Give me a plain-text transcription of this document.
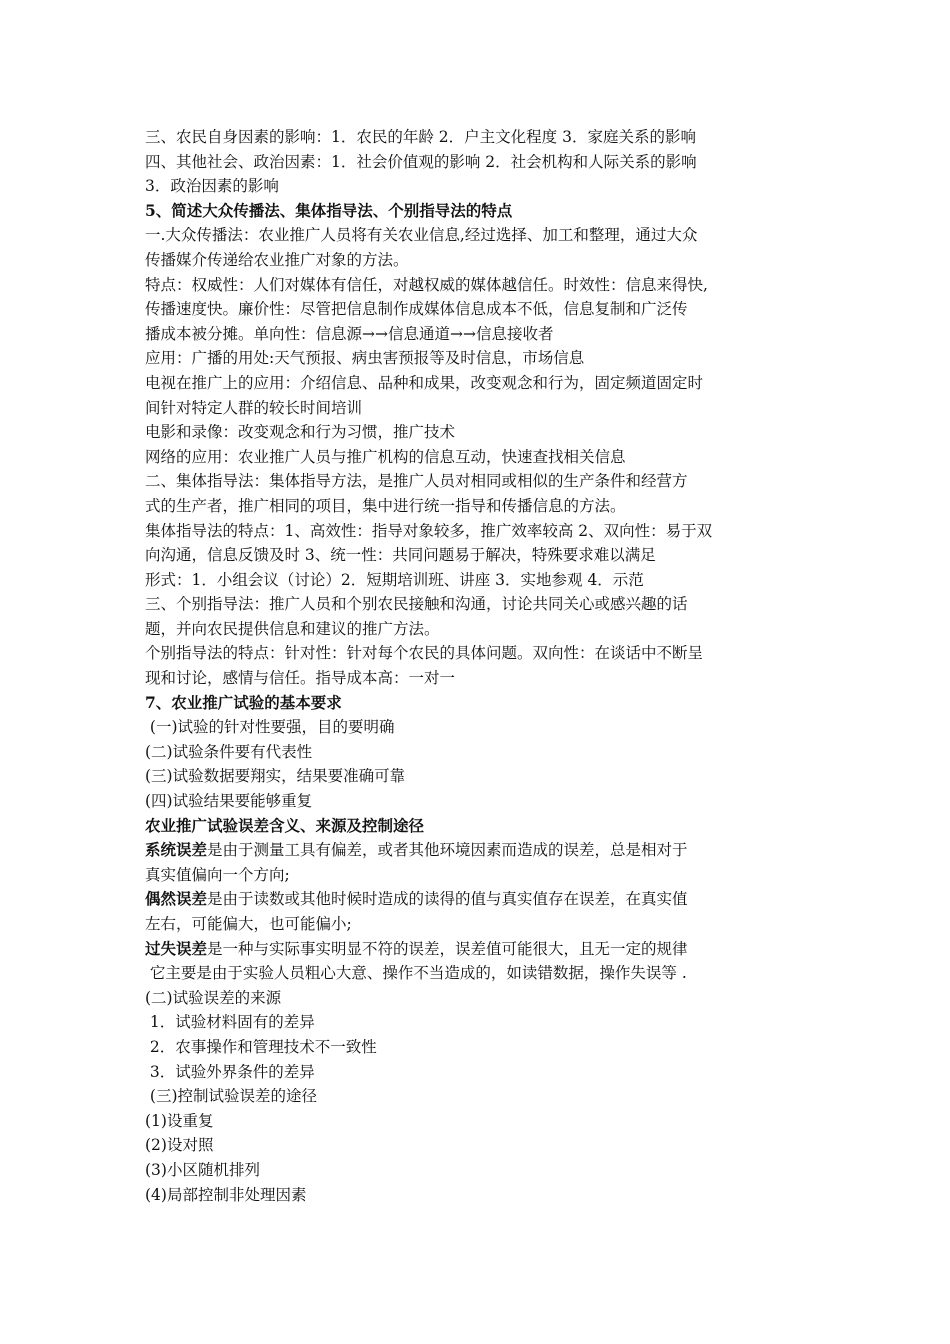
三、农民自身因素的影响：1．农民的年龄 2．户主文化程度 3．家庭关系的影响
四、其他社会、政治因素：1．社会价值观的影响 2．社会机构和人际关系的影响
3．政治因素的影响
5、简述大众传播法、集体指导法、个别指导法的特点
一.大众传播法：农业推广人员将有关农业信息,经过选择、加工和整理，通过大众
传播媒介传递给农业推广对象的方法。
特点：权威性：人们对媒体有信任，对越权威的媒体越信任。时效性：信息来得快,
传播速度快。廉价性：尽管把信息制作成媒体信息成本不低，信息复制和广泛传
播成本被分摊。单向性：信息源→→信息通道→→信息接收者
应用：广播的用处:天气预报、病虫害预报等及时信息，市场信息
电视在推广上的应用：介绍信息、品种和成果，改变观念和行为，固定频道固定时
间针对特定人群的较长时间培训
电影和录像：改变观念和行为习惯，推广技术
网络的应用：农业推广人员与推广机构的信息互动，快速查找相关信息
二、集体指导法：集体指导方法，是推广人员对相同或相似的生产条件和经营方
式的生产者，推广相同的项目，集中进行统一指导和传播信息的方法。
集体指导法的特点：1、高效性：指导对象较多，推广效率较高 2、双向性：易于双
向沟通，信息反馈及时 3、统一性：共同问题易于解决，特殊要求难以满足
形式：1．小组会议（讨论）2．短期培训班、讲座 3．实地参观 4．示范
三、个别指导法：推广人员和个别农民接触和沟通，讨论共同关心或感兴趣的话
题，并向农民提供信息和建议的推广方法。
个别指导法的特点：针对性：针对每个农民的具体问题。双向性：在谈话中不断呈
现和讨论，感情与信任。指导成本高：一对一
7、农业推广试验的基本要求
(一)试验的针对性要强，目的要明确
(二)试验条件要有代表性
(三)试验数据要翔实，结果要准确可靠
(四)试验结果要能够重复
农业推广试验误差含义、来源及控制途径
系统误差是由于测量工具有偏差，或者其他环境因素而造成的误差，总是相对于
真实值偏向一个方向;
偶然误差是由于读数或其他时候时造成的读得的值与真实值存在误差，在真实值
左右，可能偏大，也可能偏小;
过失误差是一种与实际事实明显不符的误差，误差值可能很大，且无一定的规律
它主要是由于实验人员粗心大意、操作不当造成的，如读错数据，操作失误等 .
(二)试验误差的来源
1．试验材料固有的差异
2．农事操作和管理技术不一致性
3．试验外界条件的差异
(三)控制试验误差的途径
(1)设重复
(2)设对照
(3)小区随机排列
(4)局部控制非处理因素
